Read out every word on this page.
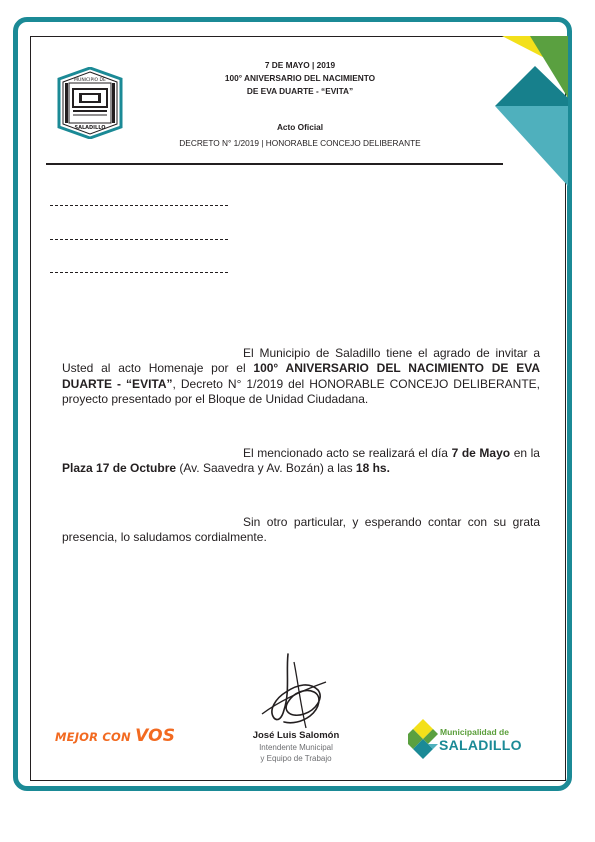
MUNICIPIO DE
SALADILLO
7 DE MAYO | 2019
100° ANIVERSARIO DEL NACIMIENTO
DE EVA DUARTE - “EVITA”
Acto Oficial
DECRETO N° 1/2019 | HONORABLE CONCEJO DELIBERANTE
El Municipio de Saladillo tiene el agrado de invitar a Usted al acto Homenaje por el 100° ANIVERSARIO DEL NACIMIENTO DE EVA DUARTE - “EVITA”, Decreto N° 1/2019 del HONORABLE CONCEJO DELIBERANTE, proyecto presentado por el Bloque de Unidad Ciudadana.
El mencionado acto se realizará el día 7 de Mayo en la Plaza 17 de Octubre (Av. Saavedra y Av. Bozán) a las 18 hs.
Sin otro particular, y esperando contar con su grata presencia, lo saludamos cordialmente.
José Luis Salomón
Intendente Municipal
y Equipo de Trabajo
MEJOR CON VOS	Municipalidad de
SALADILLO
